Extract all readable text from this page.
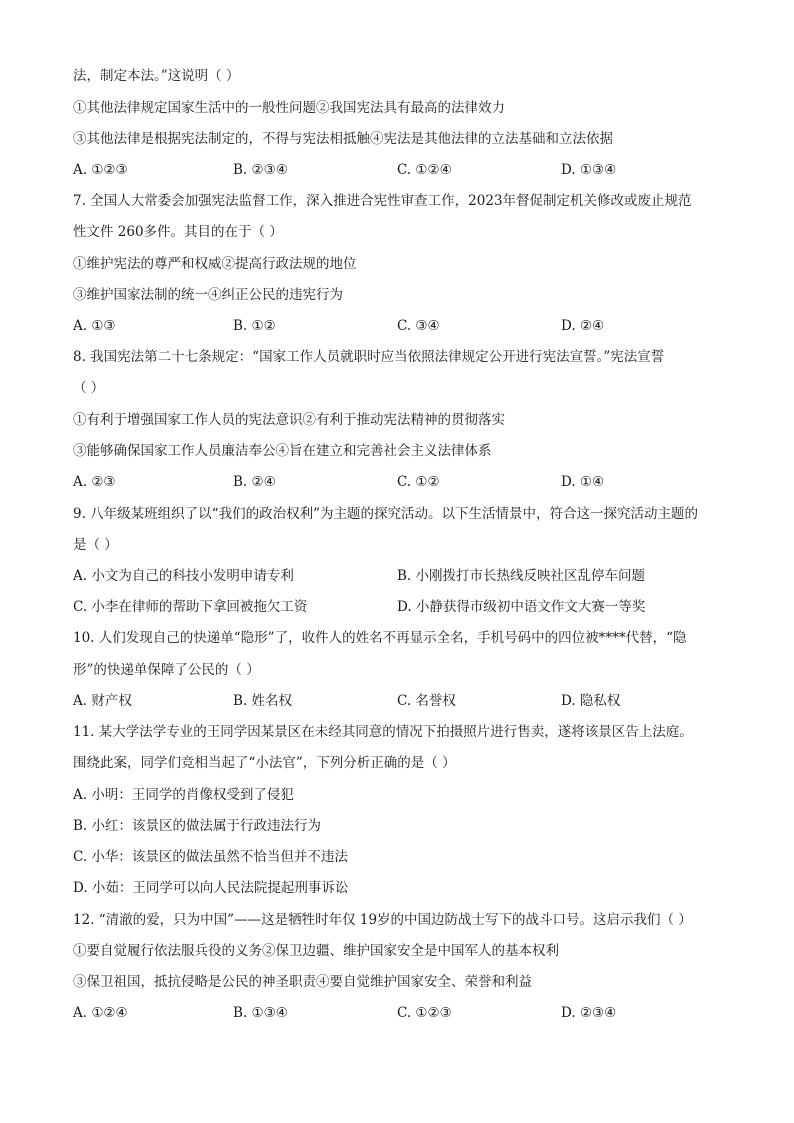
法，制定本法。”这说明（ ）
①其他法律规定国家生活中的一般性问题②我国宪法具有最高的法律效力
③其他法律是根据宪法制定的，不得与宪法相抵触④宪法是其他法律的立法基础和立法依据
A. ①②③	B. ②③④	C. ①②④	D. ①③④
7. 全国人大常委会加强宪法监督工作，深入推进合宪性审查工作，2023年督促制定机关修改或废止规范
性文件 260多件。其目的在于（ ）
①维护宪法的尊严和权威②提高行政法规的地位
③维护国家法制的统一④纠正公民的违宪行为
A. ①③	B. ①②	C. ③④	D. ②④
8. 我国宪法第二十七条规定：“国家工作人员就职时应当依照法律规定公开进行宪法宣誓。”宪法宣誓
（ ）
①有利于增强国家工作人员的宪法意识②有利于推动宪法精神的贯彻落实
③能够确保国家工作人员廉洁奉公④旨在建立和完善社会主义法律体系
A. ②③	B. ②④	C. ①②	D. ①④
9. 八年级某班组织了以“我们的政治权利”为主题的探究活动。以下生活情景中，符合这一探究活动主题的
是（ ）
A. 小文为自己的科技小发明申请专利	B. 小刚拨打市长热线反映社区乱停车问题
C. 小李在律师的帮助下拿回被拖欠工资	D. 小静获得市级初中语文作文大赛一等奖
10. 人们发现自己的快递单“隐形”了，收件人的姓名不再显示全名，手机号码中的四位被****代替，“隐
形”的快递单保障了公民的（ ）
A. 财产权	B. 姓名权	C. 名誉权	D. 隐私权
11. 某大学法学专业的王同学因某景区在未经其同意的情况下拍摄照片进行售卖，遂将该景区告上法庭。
围绕此案，同学们竞相当起了“小法官”，下列分析正确的是（ ）
A. 小明：王同学的肖像权受到了侵犯
B. 小红：该景区的做法属于行政违法行为
C. 小华：该景区的做法虽然不恰当但并不违法
D. 小茹：王同学可以向人民法院提起刑事诉讼
12. “清澈的爱，只为中国”——这是牺牲时年仅 19岁的中国边防战士写下的战斗口号。这启示我们（ ）
①要自觉履行依法服兵役的义务②保卫边疆、维护国家安全是中国军人的基本权利
③保卫祖国，抵抗侵略是公民的神圣职责④要自觉维护国家安全、荣誉和利益
A. ①②④	B. ①③④	C. ①②③	D. ②③④
